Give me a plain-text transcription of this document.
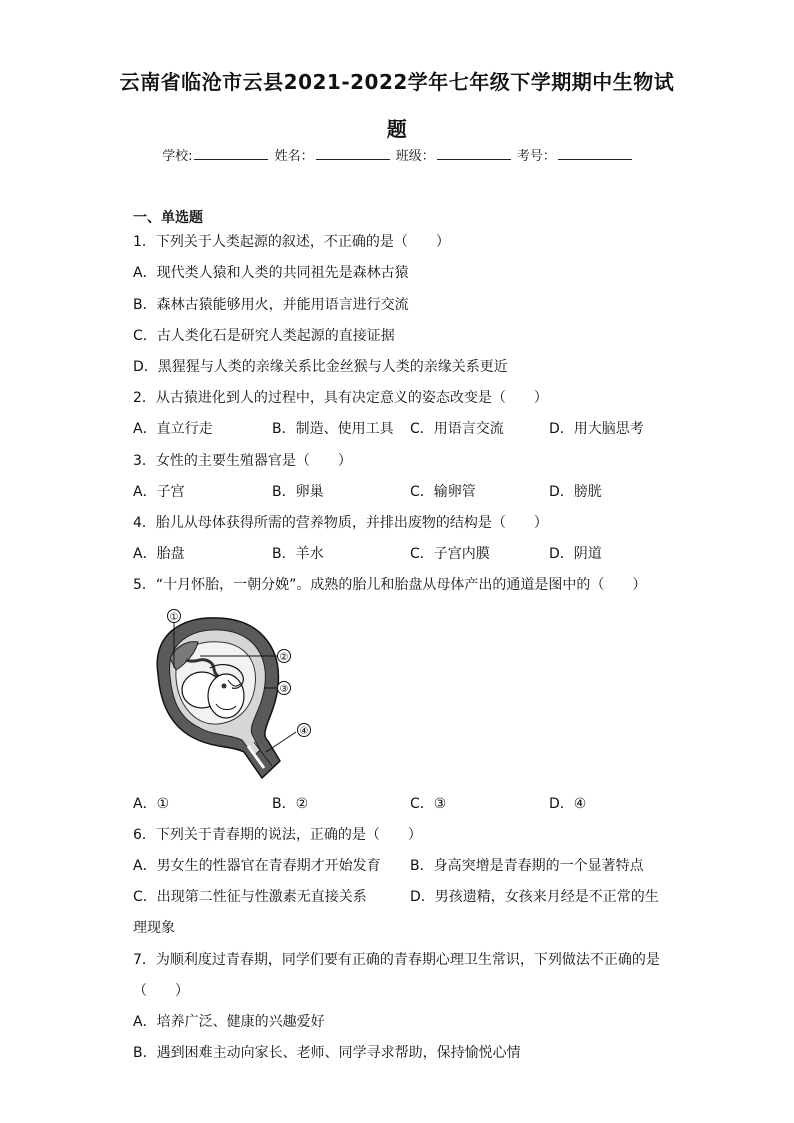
云南省临沧市云县2021-2022学年七年级下学期期中生物试
题
学校:	姓名：	班级：	考号：
一、单选题
1．下列关于人类起源的叙述，不正确的是（　　）
A．现代类人猿和人类的共同祖先是森林古猿
B．森林古猿能够用火，并能用语言进行交流
C．古人类化石是研究人类起源的直接证据
D．黑猩猩与人类的亲缘关系比金丝猴与人类的亲缘关系更近
2．从古猿进化到人的过程中，具有决定意义的姿态改变是（　　）
A．直立行走	B．制造、使用工具 C．用语言交流	D．用大脑思考
3．女性的主要生殖器官是（　　）
A．子宫	B．卵巢	C．输卵管	D．膀胱
4．胎儿从母体获得所需的营养物质，并排出废物的结构是（　　）
A．胎盘	B．羊水	C．子宫内膜	D．阴道
5．“十月怀胎，一朝分娩”。成熟的胎儿和胎盘从母体产出的通道是图中的（　　）
①
②
③
④
A．①	B．②	C．③	D．④
6．下列关于青春期的说法，正确的是（　　）
A．男女生的性器官在青春期才开始发育 B．身高突增是青春期的一个显著特点
C．出现第二性征与性激素无直接关系	D．男孩遗精，女孩来月经是不正常的生
理现象
7．为顺利度过青春期，同学们要有正确的青春期心理卫生常识，下列做法不正确的是
（　　）
A．培养广泛、健康的兴趣爱好
B．遇到困难主动向家长、老师、同学寻求帮助，保持愉悦心情
